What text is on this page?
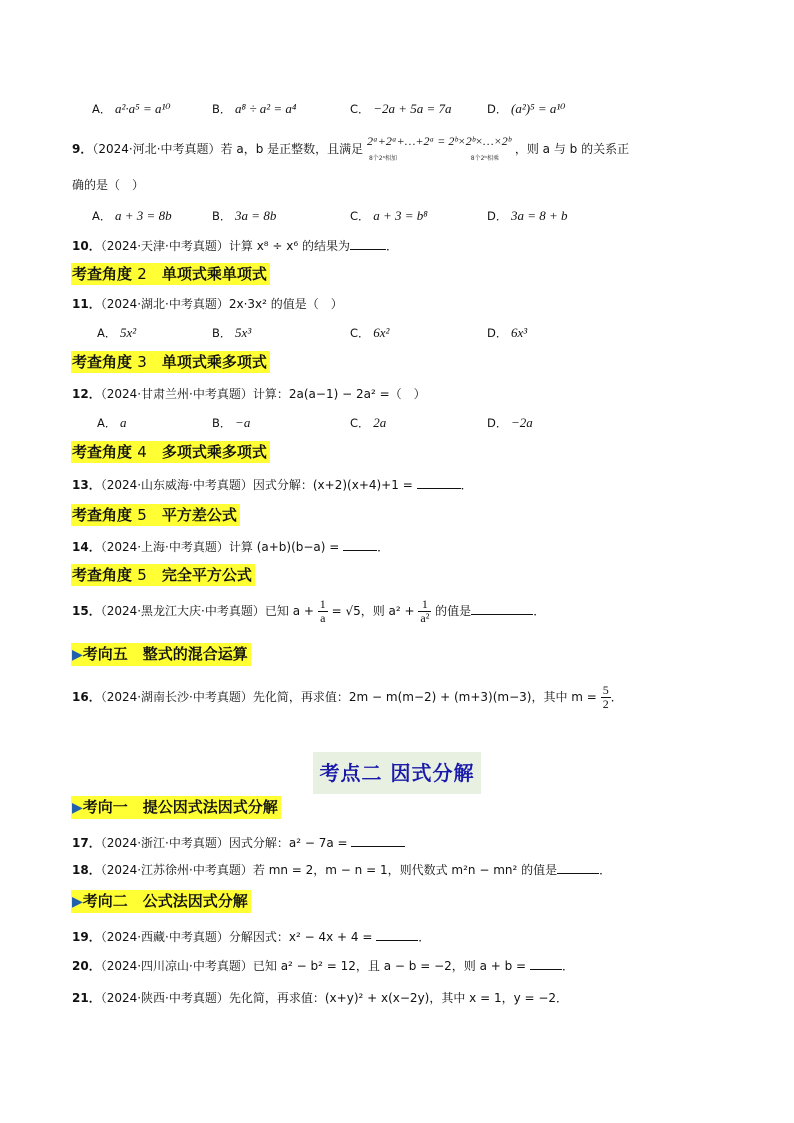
A． a²·a⁵ = a¹⁰	B． a⁸ ÷ a² = a⁴	C． −2a + 5a = 7a	D． (a²)⁵ = a¹⁰
9．（2024·河北·中考真题）若 a，b 是正整数，且满足 2ᵃ+2ᵃ+…+2ᵃ = 2ᵇ×2ᵇ×…×2ᵇ
8个2ᵃ相加	8个2ᵇ相乘 ，则 a 与 b 的关系正
确的是（　）
A． a + 3 = 8b	B． 3a = 8b	C． a + 3 = b⁸	D． 3a = 8 + b
10．（2024·天津·中考真题）计算 x⁸ ÷ x⁶ 的结果为	．
考查角度 2　 单项式乘单项式
11．（2024·湖北·中考真题）2x·3x² 的值是（　）
A． 5x²	B． 5x³	C． 6x²	D． 6x³
考查角度 3　 单项式乘多项式
12．（2024·甘肃兰州·中考真题）计算：2a(a−1) − 2a² =（　）
A． a	B． −a	C． 2a	D． −2a
考查角度 4　 多项式乘多项式
13．（2024·山东威海·中考真题）因式分解：(x+2)(x+4)+1 =	．
考查角度 5　 平方差公式
14．（2024·上海·中考真题）计算 (a+b)(b−a) =	．
考查角度 5　 完全平方公式
15．（2024·黑龙江大庆·中考真题）已知 $a + \frac{1}{a} = √5$，则 $a^2 + \frac{1}{\text{a²}}$ 的值是	．
▶考向五　整式的混合运算
16．（2024·湖南长沙·中考真题）先化简，再求值：2m − m(m−2) + (m+3)(m−3)，其中 $m = \frac{5}{2}$ ．
考点二 因式分解
▶考向一　提公因式法因式分解
17．（2024·浙江·中考真题）因式分解：a² − 7a =
18．（2024·江苏徐州·中考真题）若 mn = 2，m − n = 1，则代数式 m²n − mn² 的值是	．
▶考向二　公式法因式分解
19．（2024·西藏·中考真题）分解因式：x² − 4x + 4 =	．
20．（2024·四川凉山·中考真题）已知 a² − b² = 12，且 a − b = −2，则 a + b =	．
21．（2024·陕西·中考真题）先化简，再求值：(x+y)² + x(x−2y)，其中 x = 1，y = −2．
